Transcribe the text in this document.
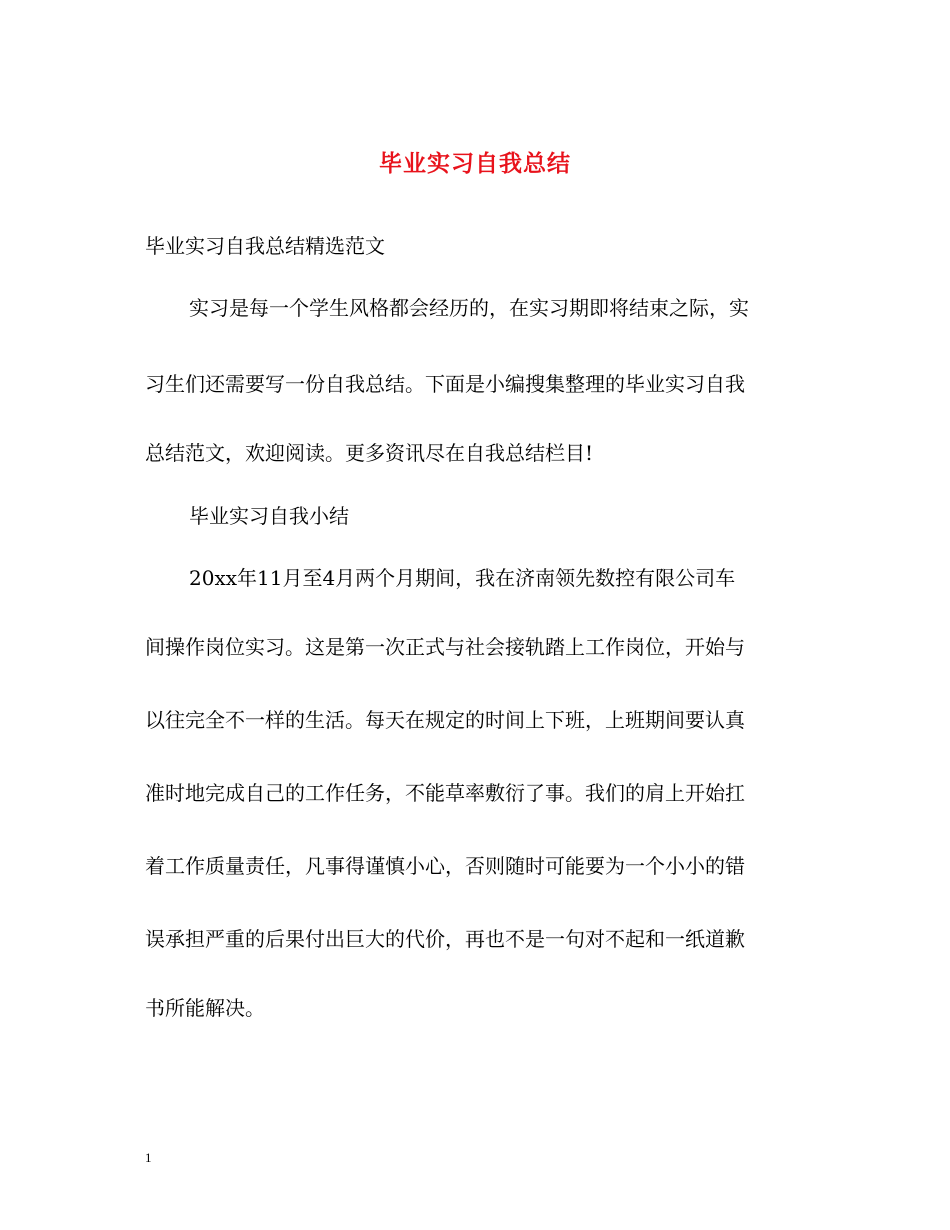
毕业实习自我总结
毕业实习自我总结精选范文
实习是每一个学生风格都会经历的，在实习期即将结束之际，实
习生们还需要写一份自我总结。下面是小编搜集整理的毕业实习自我
总结范文，欢迎阅读。更多资讯尽在自我总结栏目!
毕业实习自我小结
20xx年11月至4月两个月期间，我在济南领先数控有限公司车
间操作岗位实习。这是第一次正式与社会接轨踏上工作岗位，开始与
以往完全不一样的生活。每天在规定的时间上下班，上班期间要认真
准时地完成自己的工作任务，不能草率敷衍了事。我们的肩上开始扛
着工作质量责任，凡事得谨慎小心，否则随时可能要为一个小小的错
误承担严重的后果付出巨大的代价，再也不是一句对不起和一纸道歉
书所能解决。
1
